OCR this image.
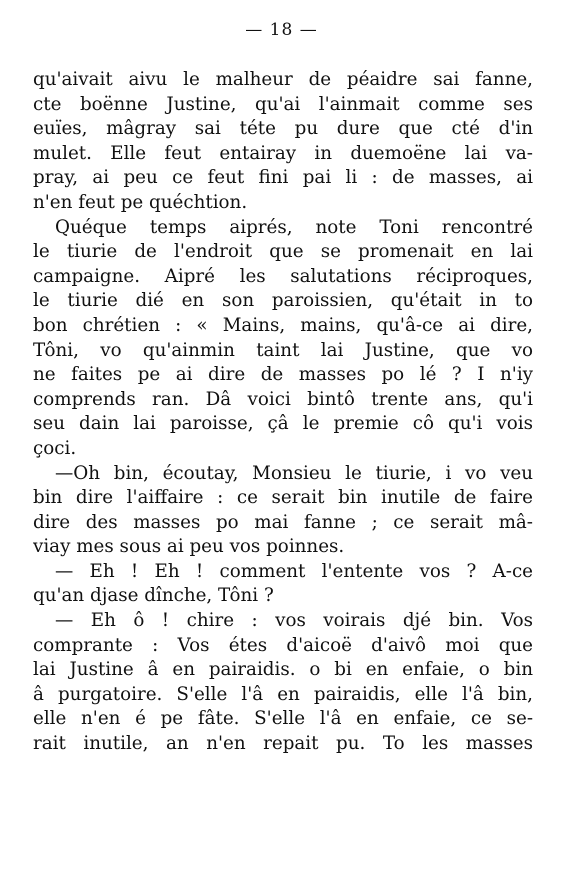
— 18 —
qu'aivait aivu le malheur de péaidre sai fanne,
cte boënne Justine, qu'ai l'ainmait comme ses
euïes, mâgray sai téte pu dure que cté d'in
mulet. Elle feut entairay in duemoëne lai va-
pray, ai peu ce feut fini pai li : de masses, ai
n'en feut pe quéchtion.
Quéque temps aiprés, note Toni rencontré
le tiurie de l'endroit que se promenait en lai
campaigne. Aipré les salutations réciproques,
le tiurie dié en son paroissien, qu'était in to
bon chrétien : « Mains, mains, qu'â-ce ai dire,
Tôni, vo qu'ainmin taint lai Justine, que vo
ne faites pe ai dire de masses po lé ? I n'iy
comprends ran. Dâ voici bintô trente ans, qu'i
seu dain lai paroisse, çâ le premie cô qu'i vois
çoci.
—Oh bin, écoutay, Monsieu le tiurie, i vo veu
bin dire l'aiffaire : ce serait bin inutile de faire
dire des masses po mai fanne ; ce serait mâ-
viay mes sous ai peu vos poinnes.
— Eh ! Eh ! comment l'entente vos ? A-ce
qu'an djase dînche, Tôni ?
— Eh ô ! chire : vos voirais djé bin. Vos
comprante : Vos étes d'aicoë d'aivô moi que
lai Justine â en pairaidis. o bi en enfaie, o bin
â purgatoire. S'elle l'â en pairaidis, elle l'â bin,
elle n'en é pe fâte. S'elle l'â en enfaie, ce se-
rait inutile, an n'en repait pu. To les masses
